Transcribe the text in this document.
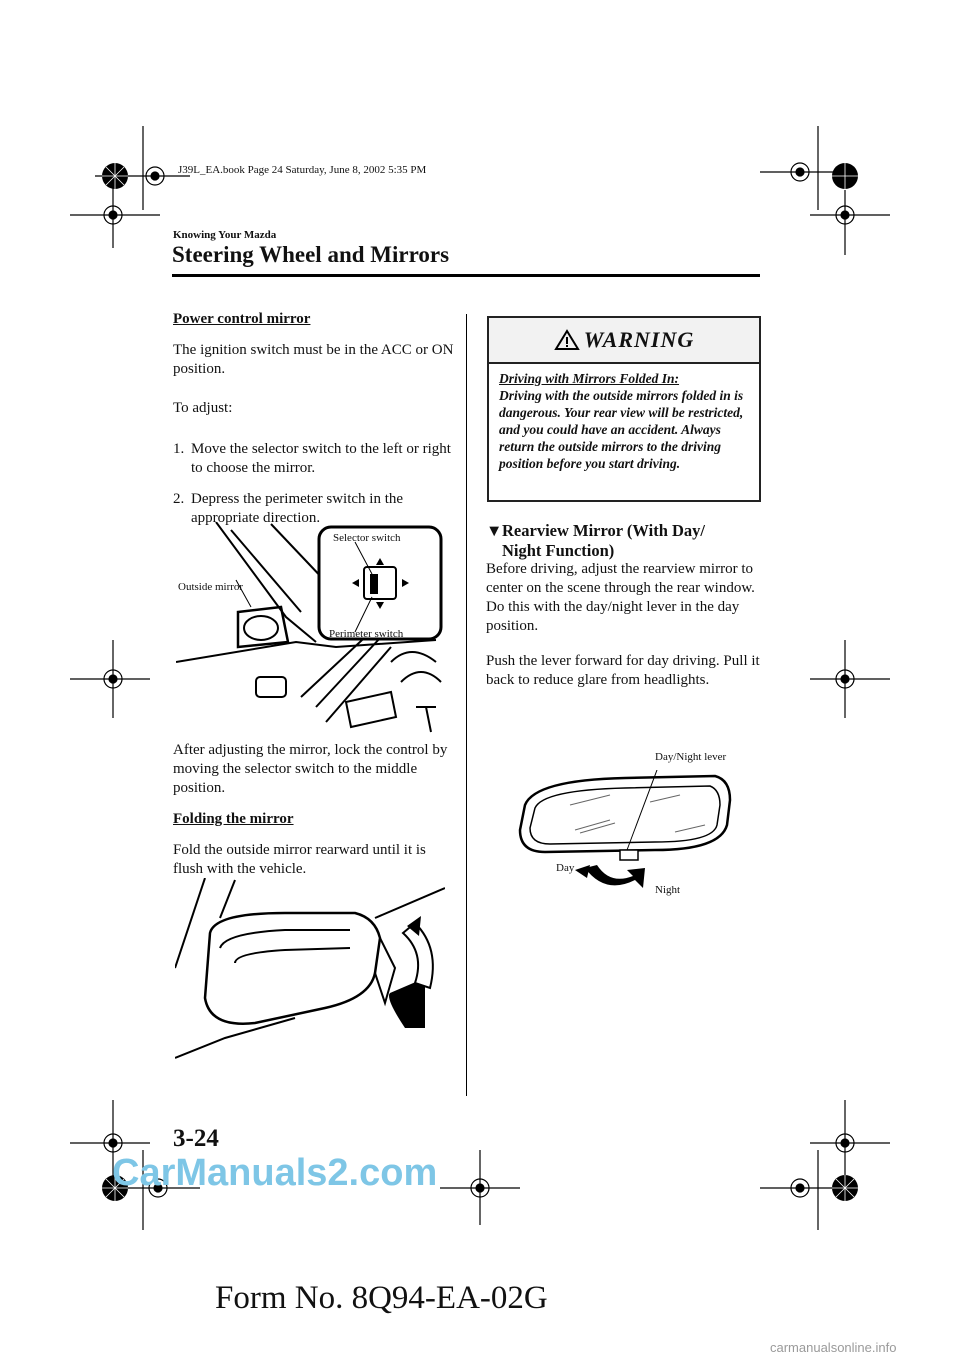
J39L_EA.book Page 24 Saturday, June 8, 2002 5:35 PM
Knowing Your Mazda
Steering Wheel and Mirrors

Power control mirror

The ignition switch must be in the ACC or ON position.

To adjust:

1. Move the selector switch to the left or right to choose the mirror.
2. Depress the perimeter switch in the appropriate direction.
Selector switch
Outside mirror
Perimeter switch

After adjusting the mirror, lock the control by moving the selector switch to the middle position.

Folding the mirror

Fold the outside mirror rearward until it is flush with the vehicle.

WARNING
Driving with Mirrors Folded In:
Driving with the outside mirrors folded in is dangerous. Your rear view will be restricted, and you could have an accident. Always return the outside mirrors to the driving position before you start driving.
▼Rearview Mirror (With Day/
Night Function)
Before driving, adjust the rearview mirror to center on the scene through the rear window.

Do this with the day/night lever in the day position.

Push the lever forward for day driving. Pull it back to reduce glare from headlights.

Day/Night lever
Day
Night
3-24
CarManuals2.com
Form No. 8Q94-EA-02G
carmanualsonline.info
